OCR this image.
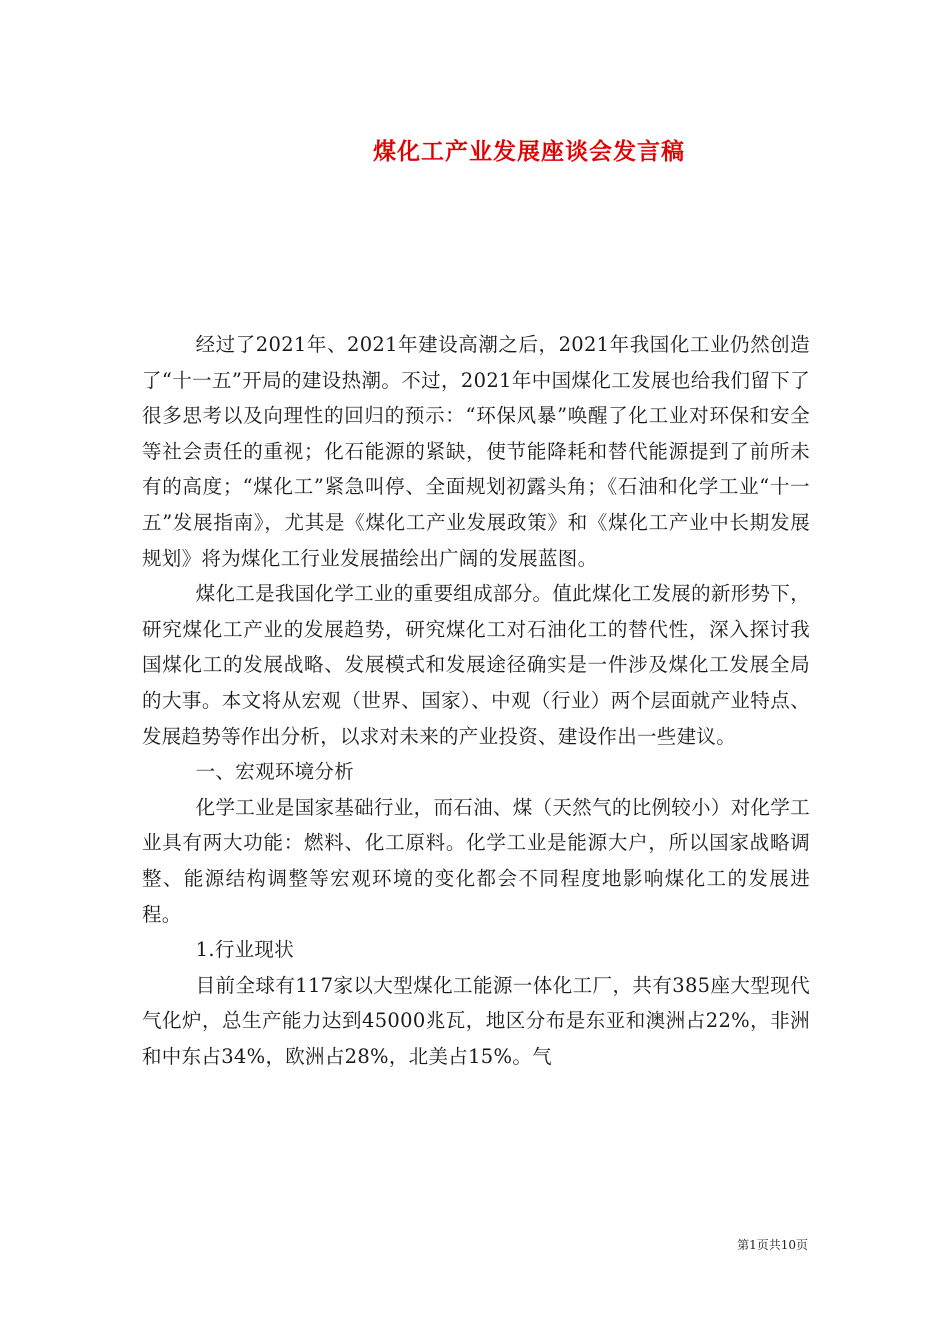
煤化工产业发展座谈会发言稿

经过了2021年、2021年建设高潮之后，2021年我国化工业仍然创造了“十一五”开局的建设热潮。不过，2021年中国煤化工发展也给我们留下了很多思考以及向理性的回归的预示：“环保风暴”唤醒了化工业对环保和安全等社会责任的重视；化石能源的紧缺，使节能降耗和替代能源提到了前所未有的高度；“煤化工”紧急叫停、全面规划初露头角；《石油和化学工业“十一五”发展指南》，尤其是《煤化工产业发展政策》和《煤化工产业中长期发展规划》将为煤化工行业发展描绘出广阔的发展蓝图。

煤化工是我国化学工业的重要组成部分。值此煤化工发展的新形势下，研究煤化工产业的发展趋势，研究煤化工对石油化工的替代性，深入探讨我国煤化工的发展战略、发展模式和发展途径确实是一件涉及煤化工发展全局的大事。本文将从宏观（世界、国家）、中观（行业）两个层面就产业特点、发展趋势等作出分析，以求对未来的产业投资、建设作出一些建议。

一、宏观环境分析

化学工业是国家基础行业，而石油、煤（天然气的比例较小）对化学工业具有两大功能：燃料、化工原料。化学工业是能源大户，所以国家战略调整、能源结构调整等宏观环境的变化都会不同程度地影响煤化工的发展进程。

1.行业现状

目前全球有117家以大型煤化工能源一体化工厂，共有385座大型现代气化炉，总生产能力达到45000兆瓦，地区分布是东亚和澳洲占22%，非洲和中东占34%，欧洲占28%，北美占15%。气

第1页共10页
